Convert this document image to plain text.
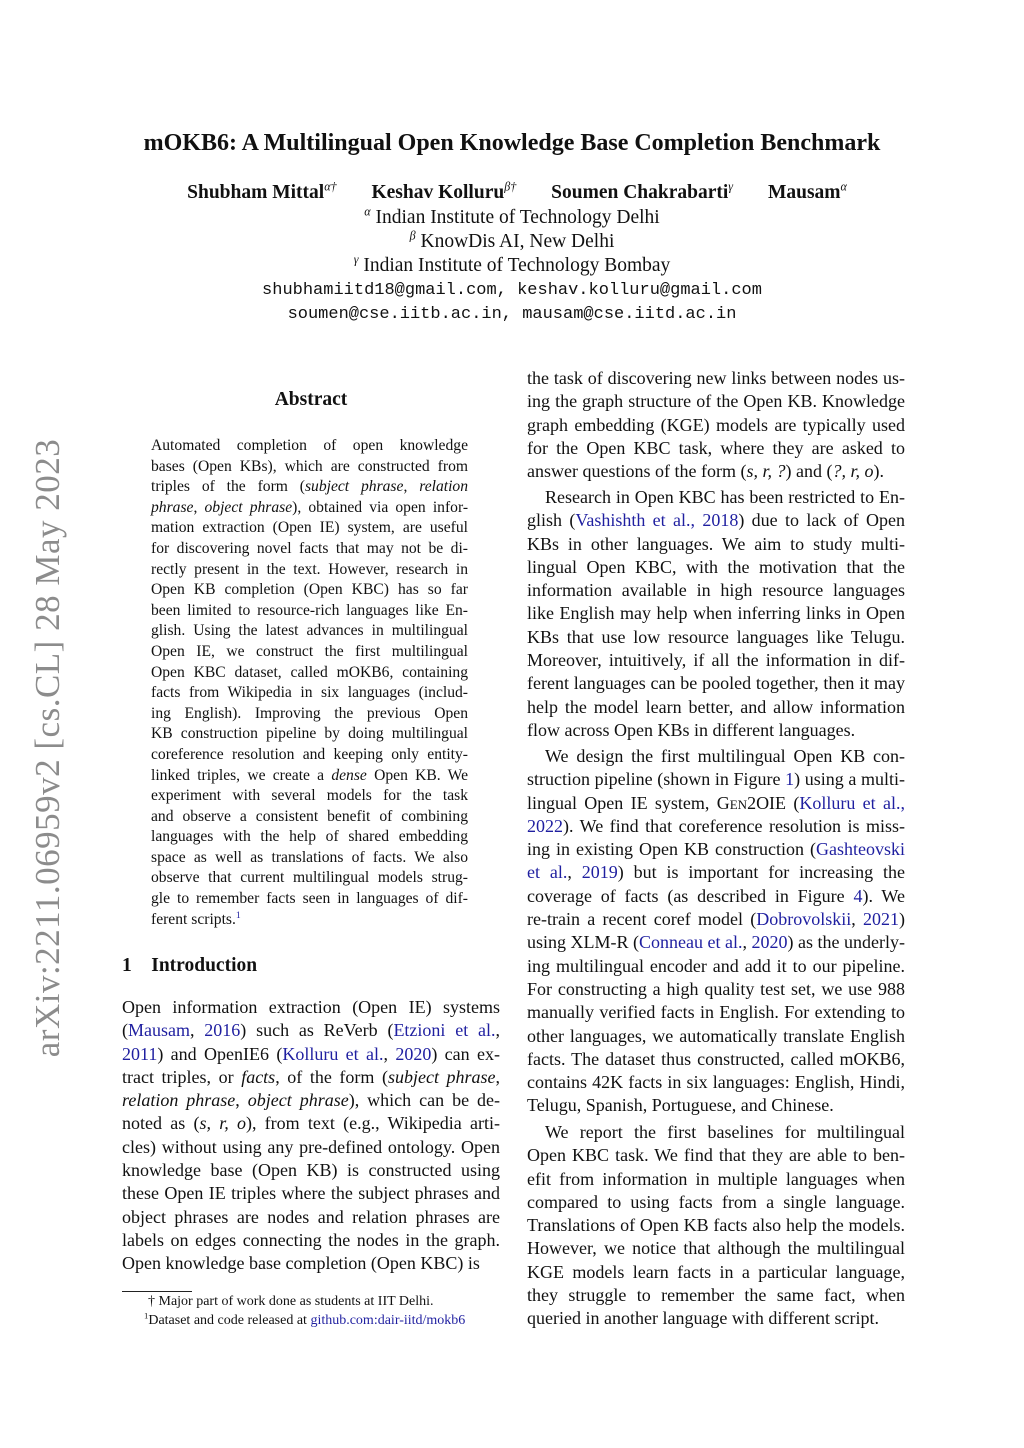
arXiv:2211.06959v2 [cs.CL] 28 May 2023
mOKB6: A Multilingual Open Knowledge Base Completion Benchmark
Shubham Mittal$^{\alpha\dagger}$ Keshav Kolluru$^{\beta\dagger}$ Soumen Chakrabarti$^\gamma$ Mausam$^\alpha$
$^\alpha$ Indian Institute of Technology Delhi
$^\beta$ KnowDis AI, New Delhi
$^\gamma$ Indian Institute of Technology Bombay
shubhamiitd18@gmail.com, keshav.kolluru@gmail.com
soumen@cse.iitb.ac.in, mausam@cse.iitd.ac.in
Abstract
Automated completion of open knowledge
bases (Open KBs), which are constructed from
triples of the form (subject phrase, relation
phrase, object phrase), obtained via open infor-
mation extraction (Open IE) system, are useful
for discovering novel facts that may not be di-
rectly present in the text. However, research in
Open KB completion (Open KBC) has so far
been limited to resource-rich languages like En-
glish. Using the latest advances in multilingual
Open IE, we construct the first multilingual
Open KBC dataset, called mOKB6, containing
facts from Wikipedia in six languages (includ-
ing English). Improving the previous Open
KB construction pipeline by doing multilingual
coreference resolution and keeping only entity-
linked triples, we create a dense Open KB. We
experiment with several models for the task
and observe a consistent benefit of combining
languages with the help of shared embedding
space as well as translations of facts. We also
observe that current multilingual models strug-
gle to remember facts seen in languages of dif-
ferent scripts.$^1$
1    Introduction
Open information extraction (Open IE) systems
(Mausam, 2016) such as ReVerb (Etzioni et al.,
2011) and OpenIE6 (Kolluru et al., 2020) can ex-
tract triples, or facts, of the form (subject phrase,
relation phrase, object phrase), which can be de-
noted as (s, r, o), from text (e.g., Wikipedia arti-
cles) without using any pre-defined ontology. Open
knowledge base (Open KB) is constructed using
these Open IE triples where the subject phrases and
object phrases are nodes and relation phrases are
labels on edges connecting the nodes in the graph.
Open knowledge base completion (Open KBC) is
the task of discovering new links between nodes us-
ing the graph structure of the Open KB. Knowledge
graph embedding (KGE) models are typically used
for the Open KBC task, where they are asked to
answer questions of the form (s, r, ?) and (?, r, o).
Research in Open KBC has been restricted to En-
glish (Vashishth et al., 2018) due to lack of Open
KBs in other languages. We aim to study multi-
lingual Open KBC, with the motivation that the
information available in high resource languages
like English may help when inferring links in Open
KBs that use low resource languages like Telugu.
Moreover, intuitively, if all the information in dif-
ferent languages can be pooled together, then it may
help the model learn better, and allow information
flow across Open KBs in different languages.
We design the first multilingual Open KB con-
struction pipeline (shown in Figure 1) using a multi-
lingual Open IE system, Gen2OIE (Kolluru et al.,
2022). We find that coreference resolution is miss-
ing in existing Open KB construction (Gashteovski
et al., 2019) but is important for increasing the
coverage of facts (as described in Figure 4). We
re-train a recent coref model (Dobrovolskii, 2021)
using XLM-R (Conneau et al., 2020) as the underly-
ing multilingual encoder and add it to our pipeline.
For constructing a high quality test set, we use 988
manually verified facts in English. For extending to
other languages, we automatically translate English
facts. The dataset thus constructed, called mOKB6,
contains 42K facts in six languages: English, Hindi,
Telugu, Spanish, Portuguese, and Chinese.
We report the first baselines for multilingual
Open KBC task. We find that they are able to ben-
efit from information in multiple languages when
compared to using facts from a single language.
Translations of Open KB facts also help the models.
However, we notice that although the multilingual
KGE models learn facts in a particular language,
they struggle to remember the same fact, when
queried in another language with different script.
† Major part of work done as students at IIT Delhi.
$^1$Dataset and code released at github.com:dair-iitd/mokb6
